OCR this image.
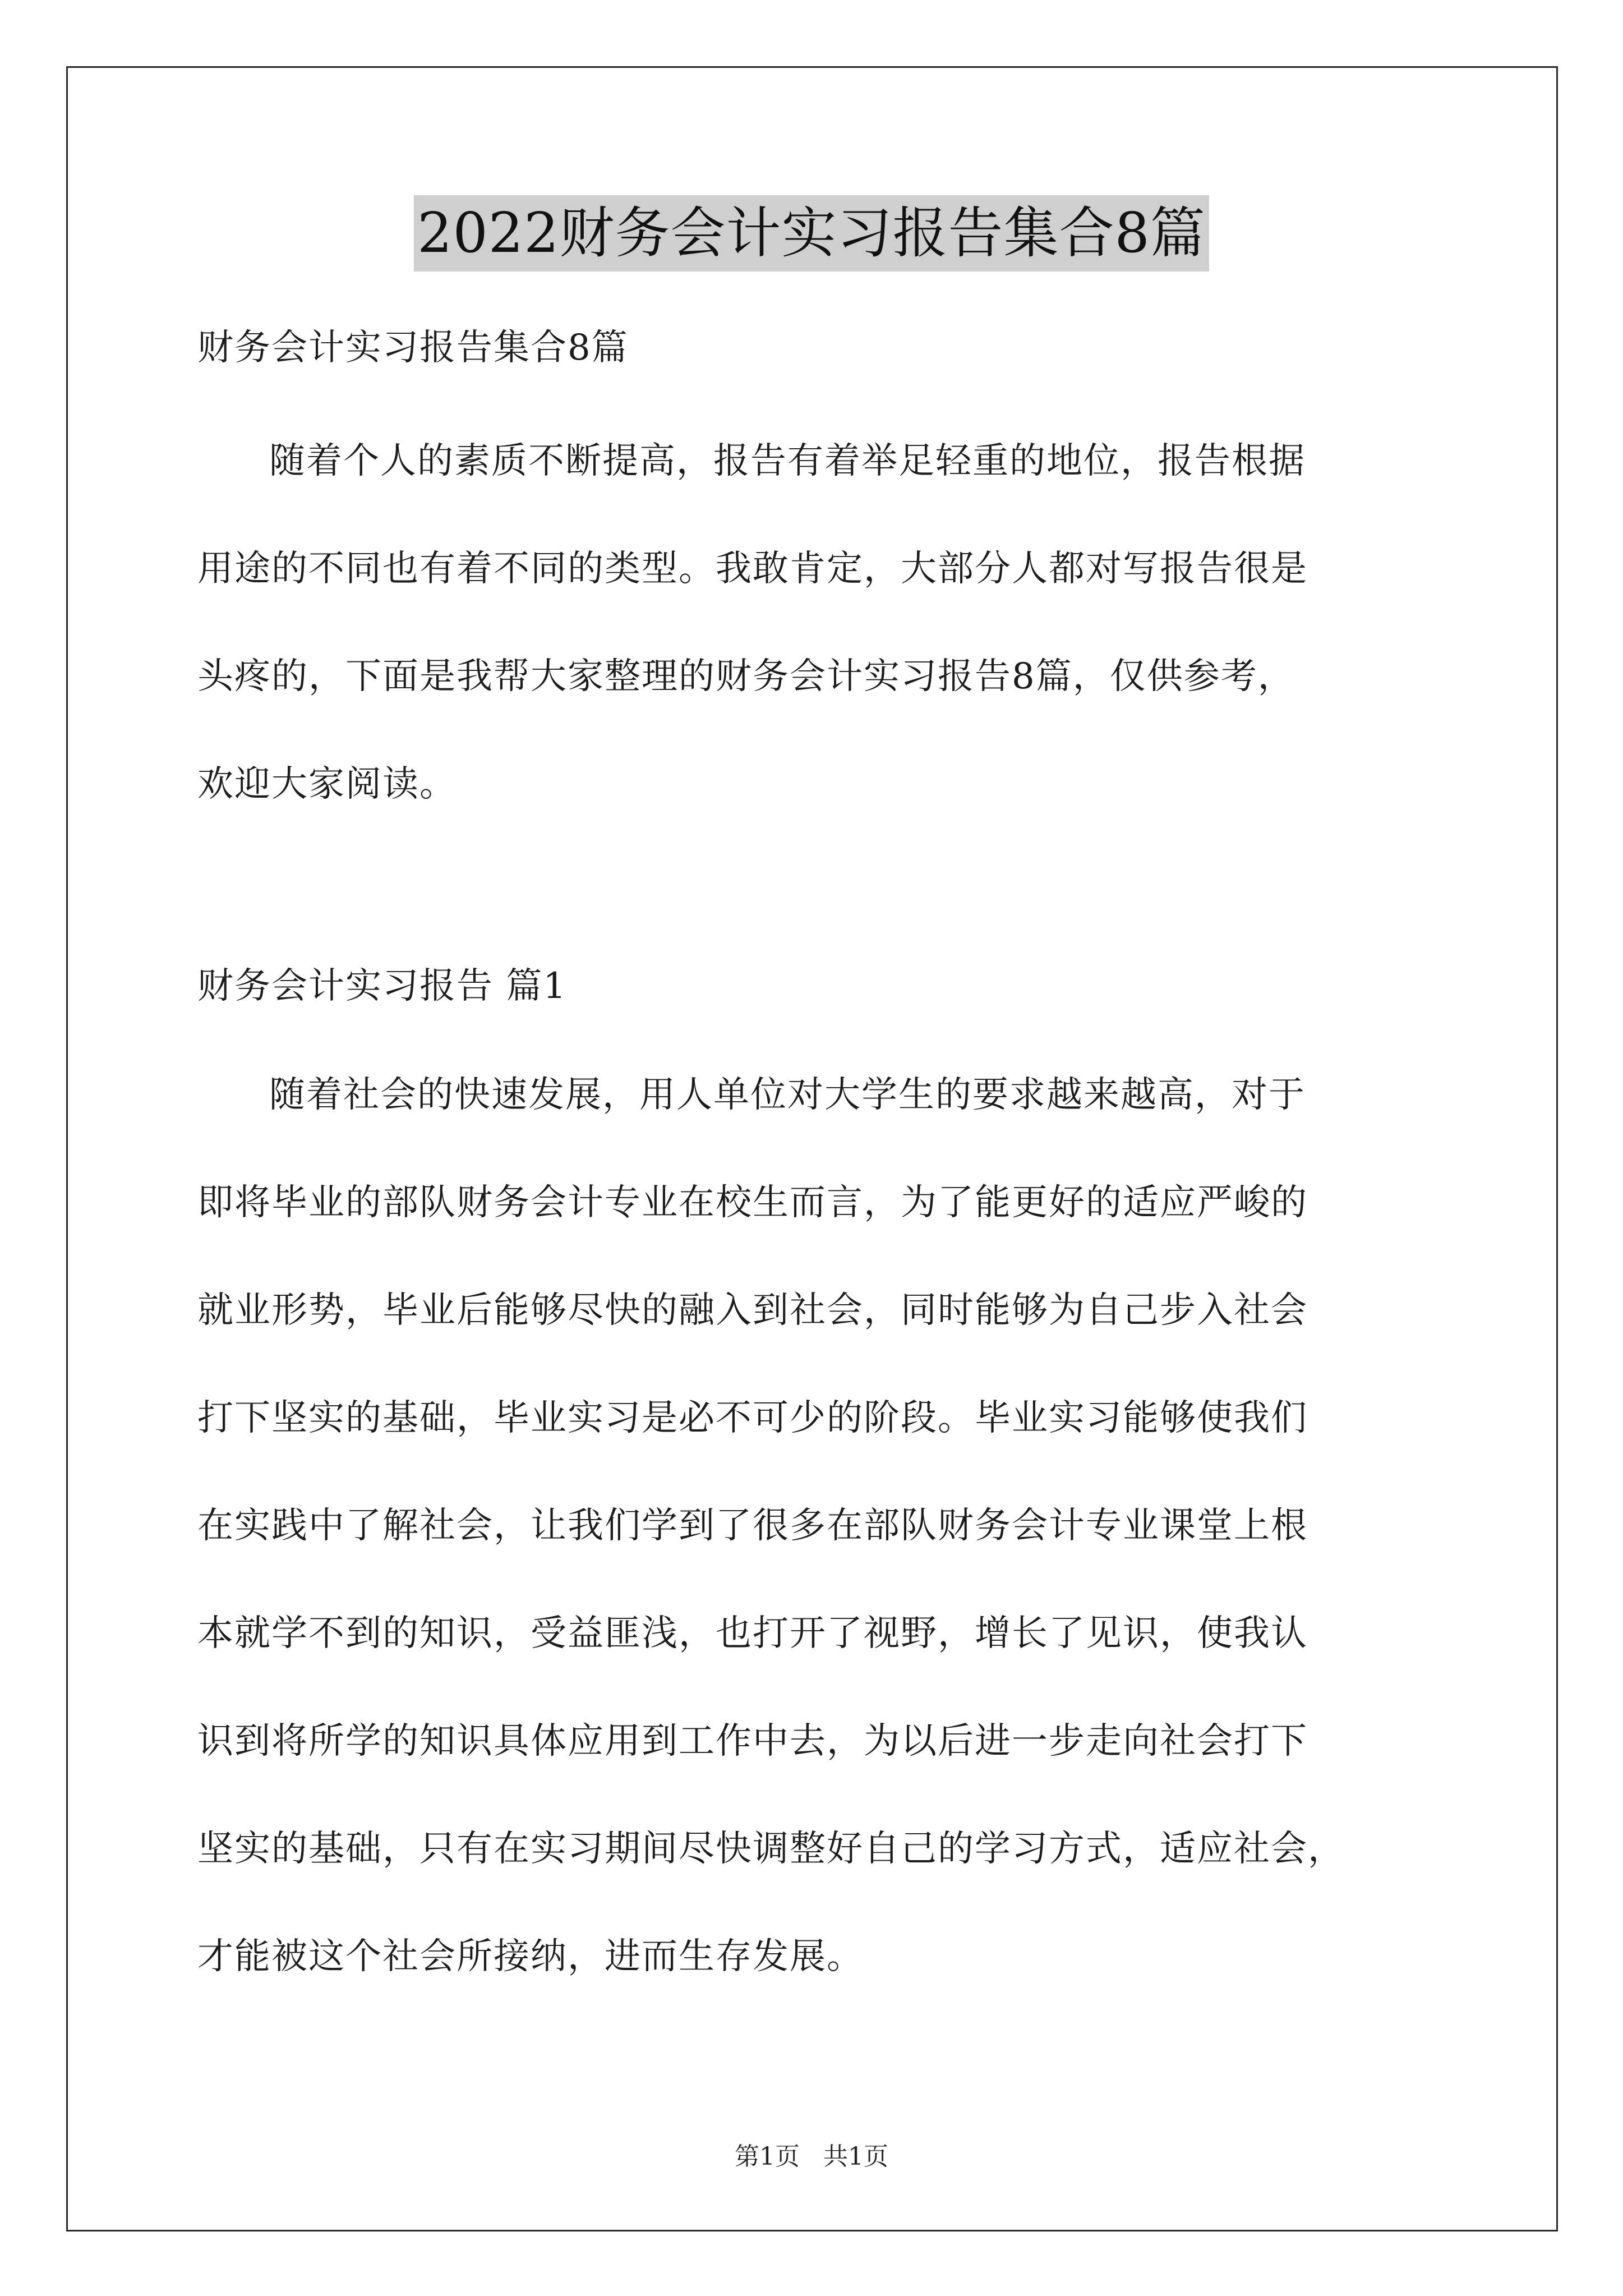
2022财务会计实习报告集合8篇
财务会计实习报告集合8篇
随着个人的素质不断提高，报告有着举足轻重的地位，报告根据
用途的不同也有着不同的类型。我敢肯定，大部分人都对写报告很是
头疼的，下面是我帮大家整理的财务会计实习报告8篇，仅供参考，
欢迎大家阅读。
财务会计实习报告 篇1
随着社会的快速发展，用人单位对大学生的要求越来越高，对于
即将毕业的部队财务会计专业在校生而言，为了能更好的适应严峻的
就业形势，毕业后能够尽快的融入到社会，同时能够为自己步入社会
打下坚实的基础，毕业实习是必不可少的阶段。毕业实习能够使我们
在实践中了解社会，让我们学到了很多在部队财务会计专业课堂上根
本就学不到的知识，受益匪浅，也打开了视野，增长了见识，使我认
识到将所学的知识具体应用到工作中去，为以后进一步走向社会打下
坚实的基础，只有在实习期间尽快调整好自己的学习方式，适应社会，
才能被这个社会所接纳，进而生存发展。
第1页   共1页
